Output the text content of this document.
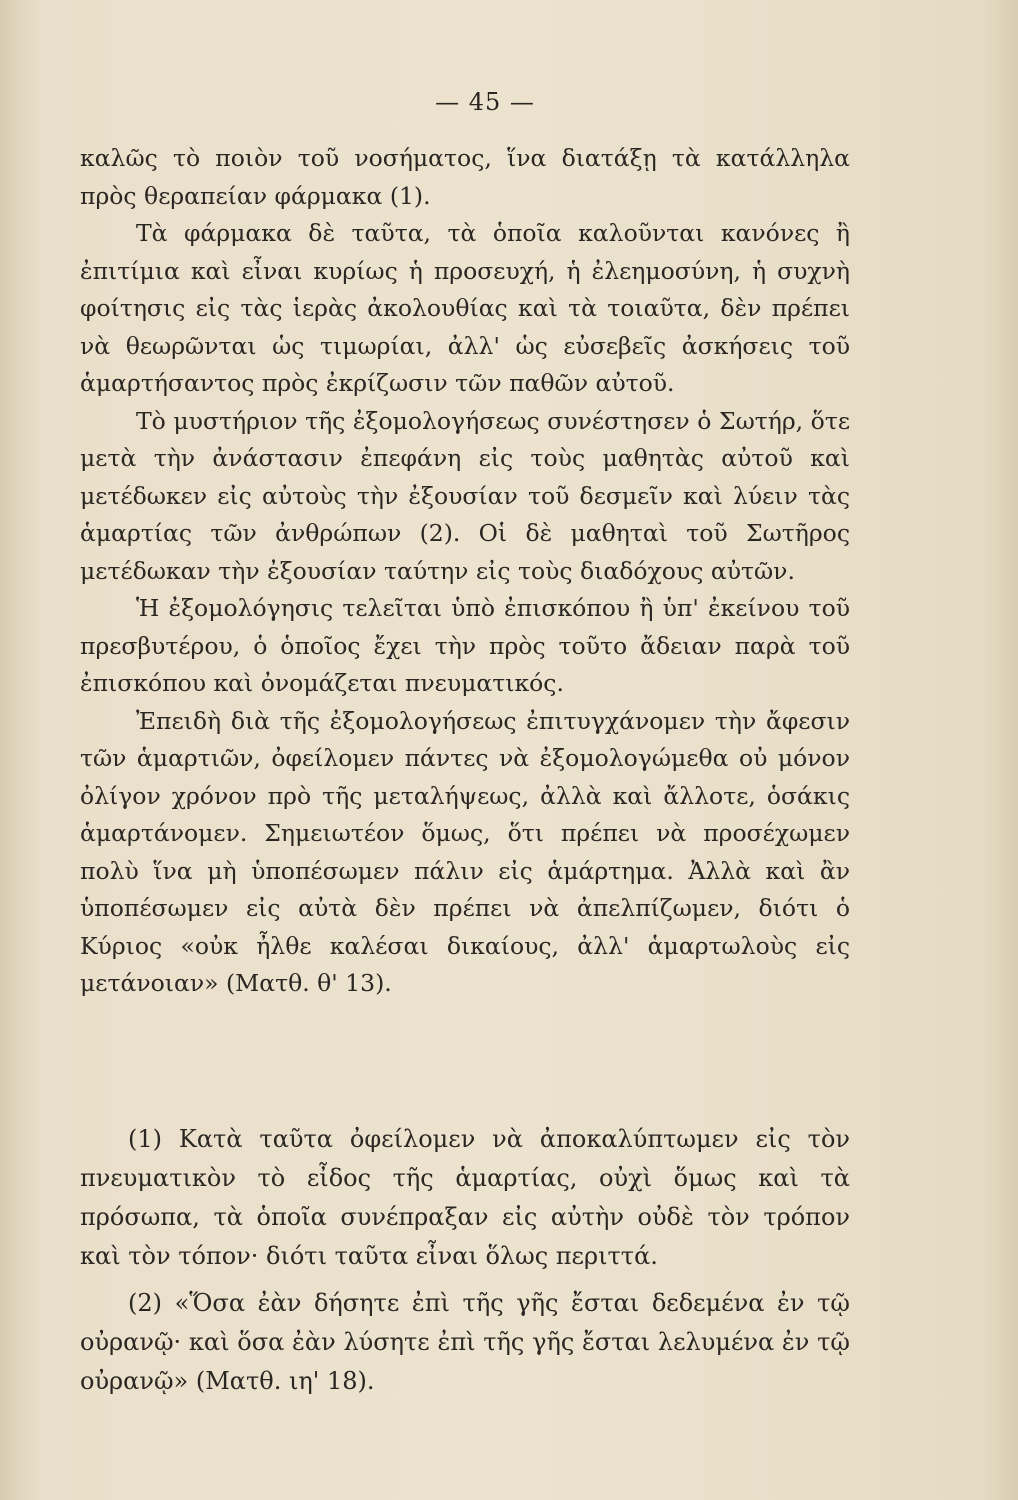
— 45 —

καλῶς τὸ ποιὸν τοῦ νοσήματος, ἵνα διατάξῃ τὰ κατάλληλα πρὸς θεραπείαν φάρμακα (1).

Τὰ φάρμακα δὲ ταῦτα, τὰ ὁποῖα καλοῦνται κανόνες ἢ ἐπιτίμια καὶ εἶναι κυρίως ἡ προσευχή, ἡ ἐλεημοσύνη, ἡ συχνὴ φοίτησις εἰς τὰς ἱερὰς ἀκολουθίας καὶ τὰ τοιαῦτα, δὲν πρέπει νὰ θεωρῶνται ὡς τιμωρίαι, ἀλλ' ὡς εὐσεβεῖς ἀσκήσεις τοῦ ἁμαρτήσαντος πρὸς ἐκρίζωσιν τῶν παθῶν αὐτοῦ.

Τὸ μυστήριον τῆς ἐξομολογήσεως συνέστησεν ὁ Σωτήρ, ὅτε μετὰ τὴν ἀνάστασιν ἐπεφάνη εἰς τοὺς μαθητὰς αὐτοῦ καὶ μετέδωκεν εἰς αὐτοὺς τὴν ἐξουσίαν τοῦ δεσμεῖν καὶ λύειν τὰς ἁμαρτίας τῶν ἀνθρώπων (2). Οἱ δὲ μαθηταὶ τοῦ Σωτῆρος μετέδωκαν τὴν ἐξουσίαν ταύτην εἰς τοὺς διαδόχους αὐτῶν.

Ἡ ἐξομολόγησις τελεῖται ὑπὸ ἐπισκόπου ἢ ὑπ' ἐκείνου τοῦ πρεσβυτέρου, ὁ ὁποῖος ἔχει τὴν πρὸς τοῦτο ἄδειαν παρὰ τοῦ ἐπισκόπου καὶ ὀνομάζεται πνευματικός.

Ἐπειδὴ διὰ τῆς ἐξομολογήσεως ἐπιτυγχάνομεν τὴν ἄφεσιν τῶν ἁμαρτιῶν, ὀφείλομεν πάντες νὰ ἐξομολογώμεθα οὐ μόνον ὀλίγον χρόνον πρὸ τῆς μεταλήψεως, ἀλλὰ καὶ ἄλλοτε, ὁσάκις ἁμαρτάνομεν. Σημειωτέον ὅμως, ὅτι πρέπει νὰ προσέχωμεν πολὺ ἵνα μὴ ὑποπέσωμεν πάλιν εἰς ἁμάρτημα. Ἀλλὰ καὶ ἂν ὑποπέσωμεν εἰς αὐτὰ δὲν πρέπει νὰ ἀπελπίζωμεν, διότι ὁ Κύριος «οὐκ ἦλθε καλέσαι δικαίους, ἀλλ' ἁμαρτωλοὺς εἰς μετάνοιαν» (Ματθ. θ' 13).

(1) Κατὰ ταῦτα ὀφείλομεν νὰ ἀποκαλύπτωμεν εἰς τὸν πνευματικὸν τὸ εἶδος τῆς ἁμαρτίας, οὐχὶ ὅμως καὶ τὰ πρόσωπα, τὰ ὁποῖα συνέπραξαν εἰς αὐτὴν οὐδὲ τὸν τρόπον καὶ τὸν τόπον· διότι ταῦτα εἶναι ὅλως περιττά.

(2) «Ὅσα ἐὰν δήσητε ἐπὶ τῆς γῆς ἔσται δεδεμένα ἐν τῷ οὐρανῷ· καὶ ὅσα ἐὰν λύσητε ἐπὶ τῆς γῆς ἔσται λελυμένα ἐν τῷ οὐρανῷ» (Ματθ. ιη' 18).
